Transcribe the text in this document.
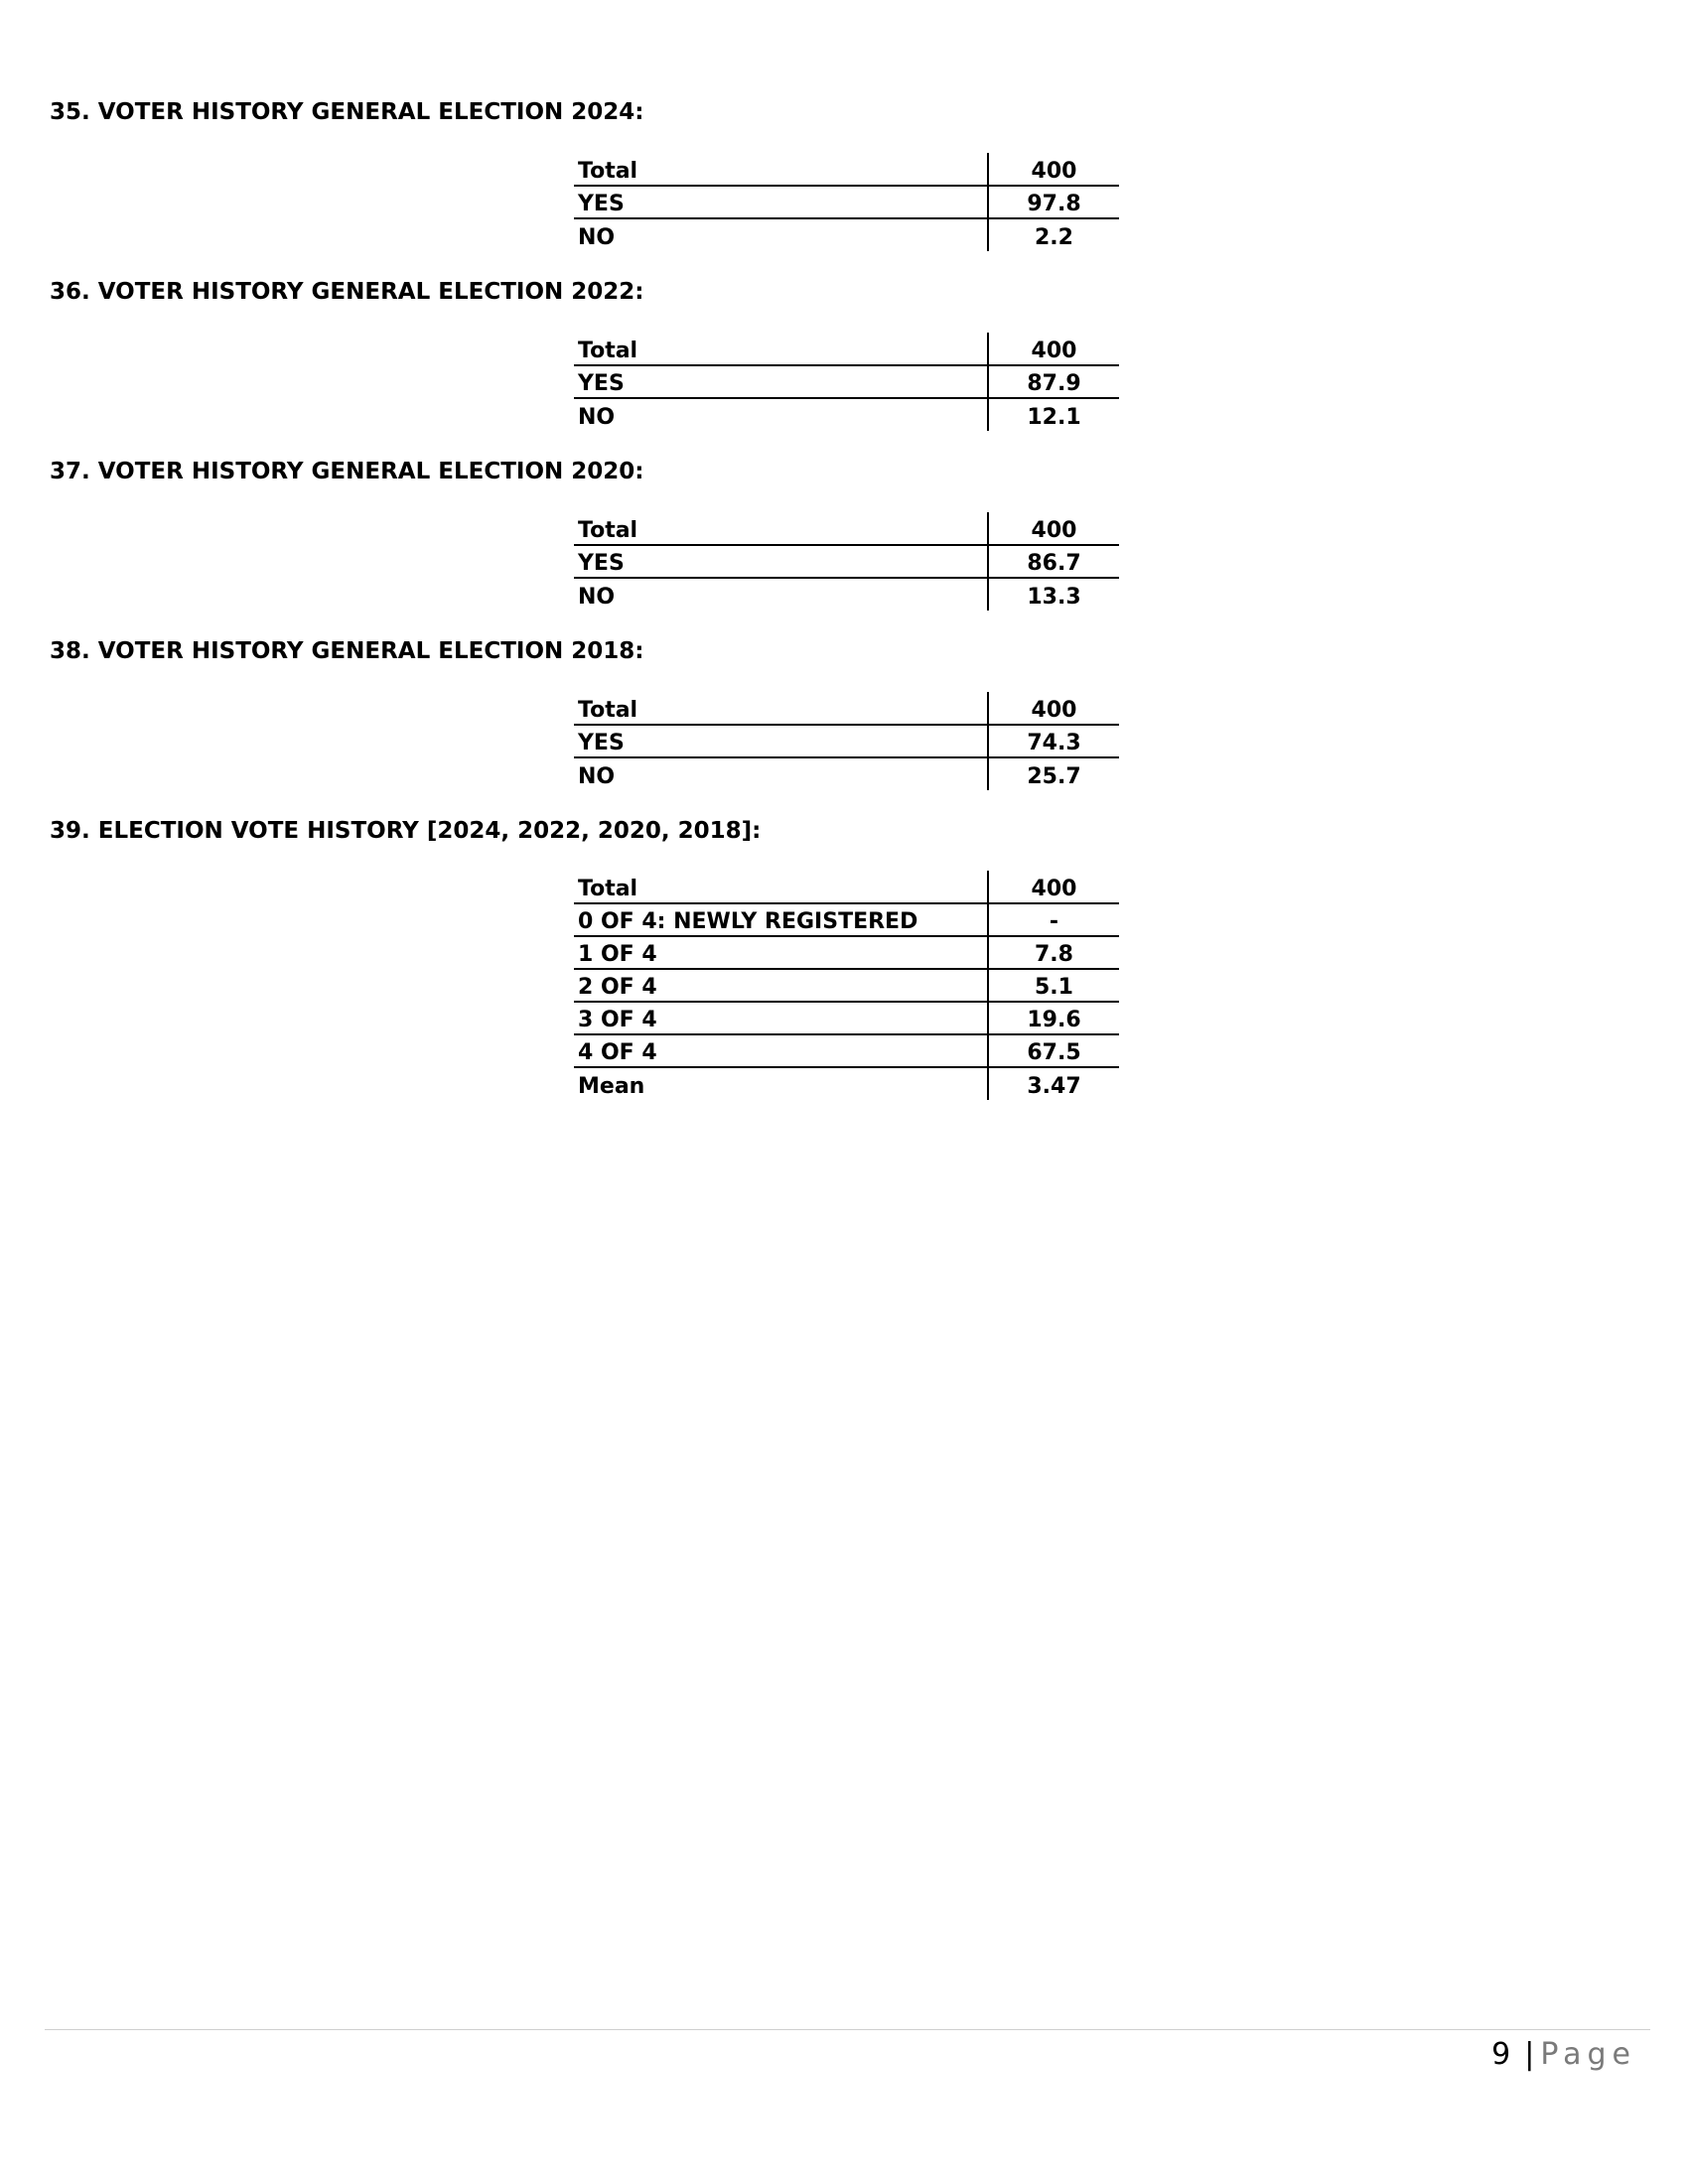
35. VOTER HISTORY GENERAL ELECTION 2024:
Total	400
YES	97.8
NO	2.2
36. VOTER HISTORY GENERAL ELECTION 2022:
Total	400
YES	87.9
NO	12.1
37. VOTER HISTORY GENERAL ELECTION 2020:
Total	400
YES	86.7
NO	13.3
38. VOTER HISTORY GENERAL ELECTION 2018:
Total	400
YES	74.3
NO	25.7
39. ELECTION VOTE HISTORY [2024, 2022, 2020, 2018]:
Total	400
0 OF 4: NEWLY REGISTERED	-
1 OF 4	7.8
2 OF 4	5.1
3 OF 4	19.6
4 OF 4	67.5
Mean	3.47
9 | Page
